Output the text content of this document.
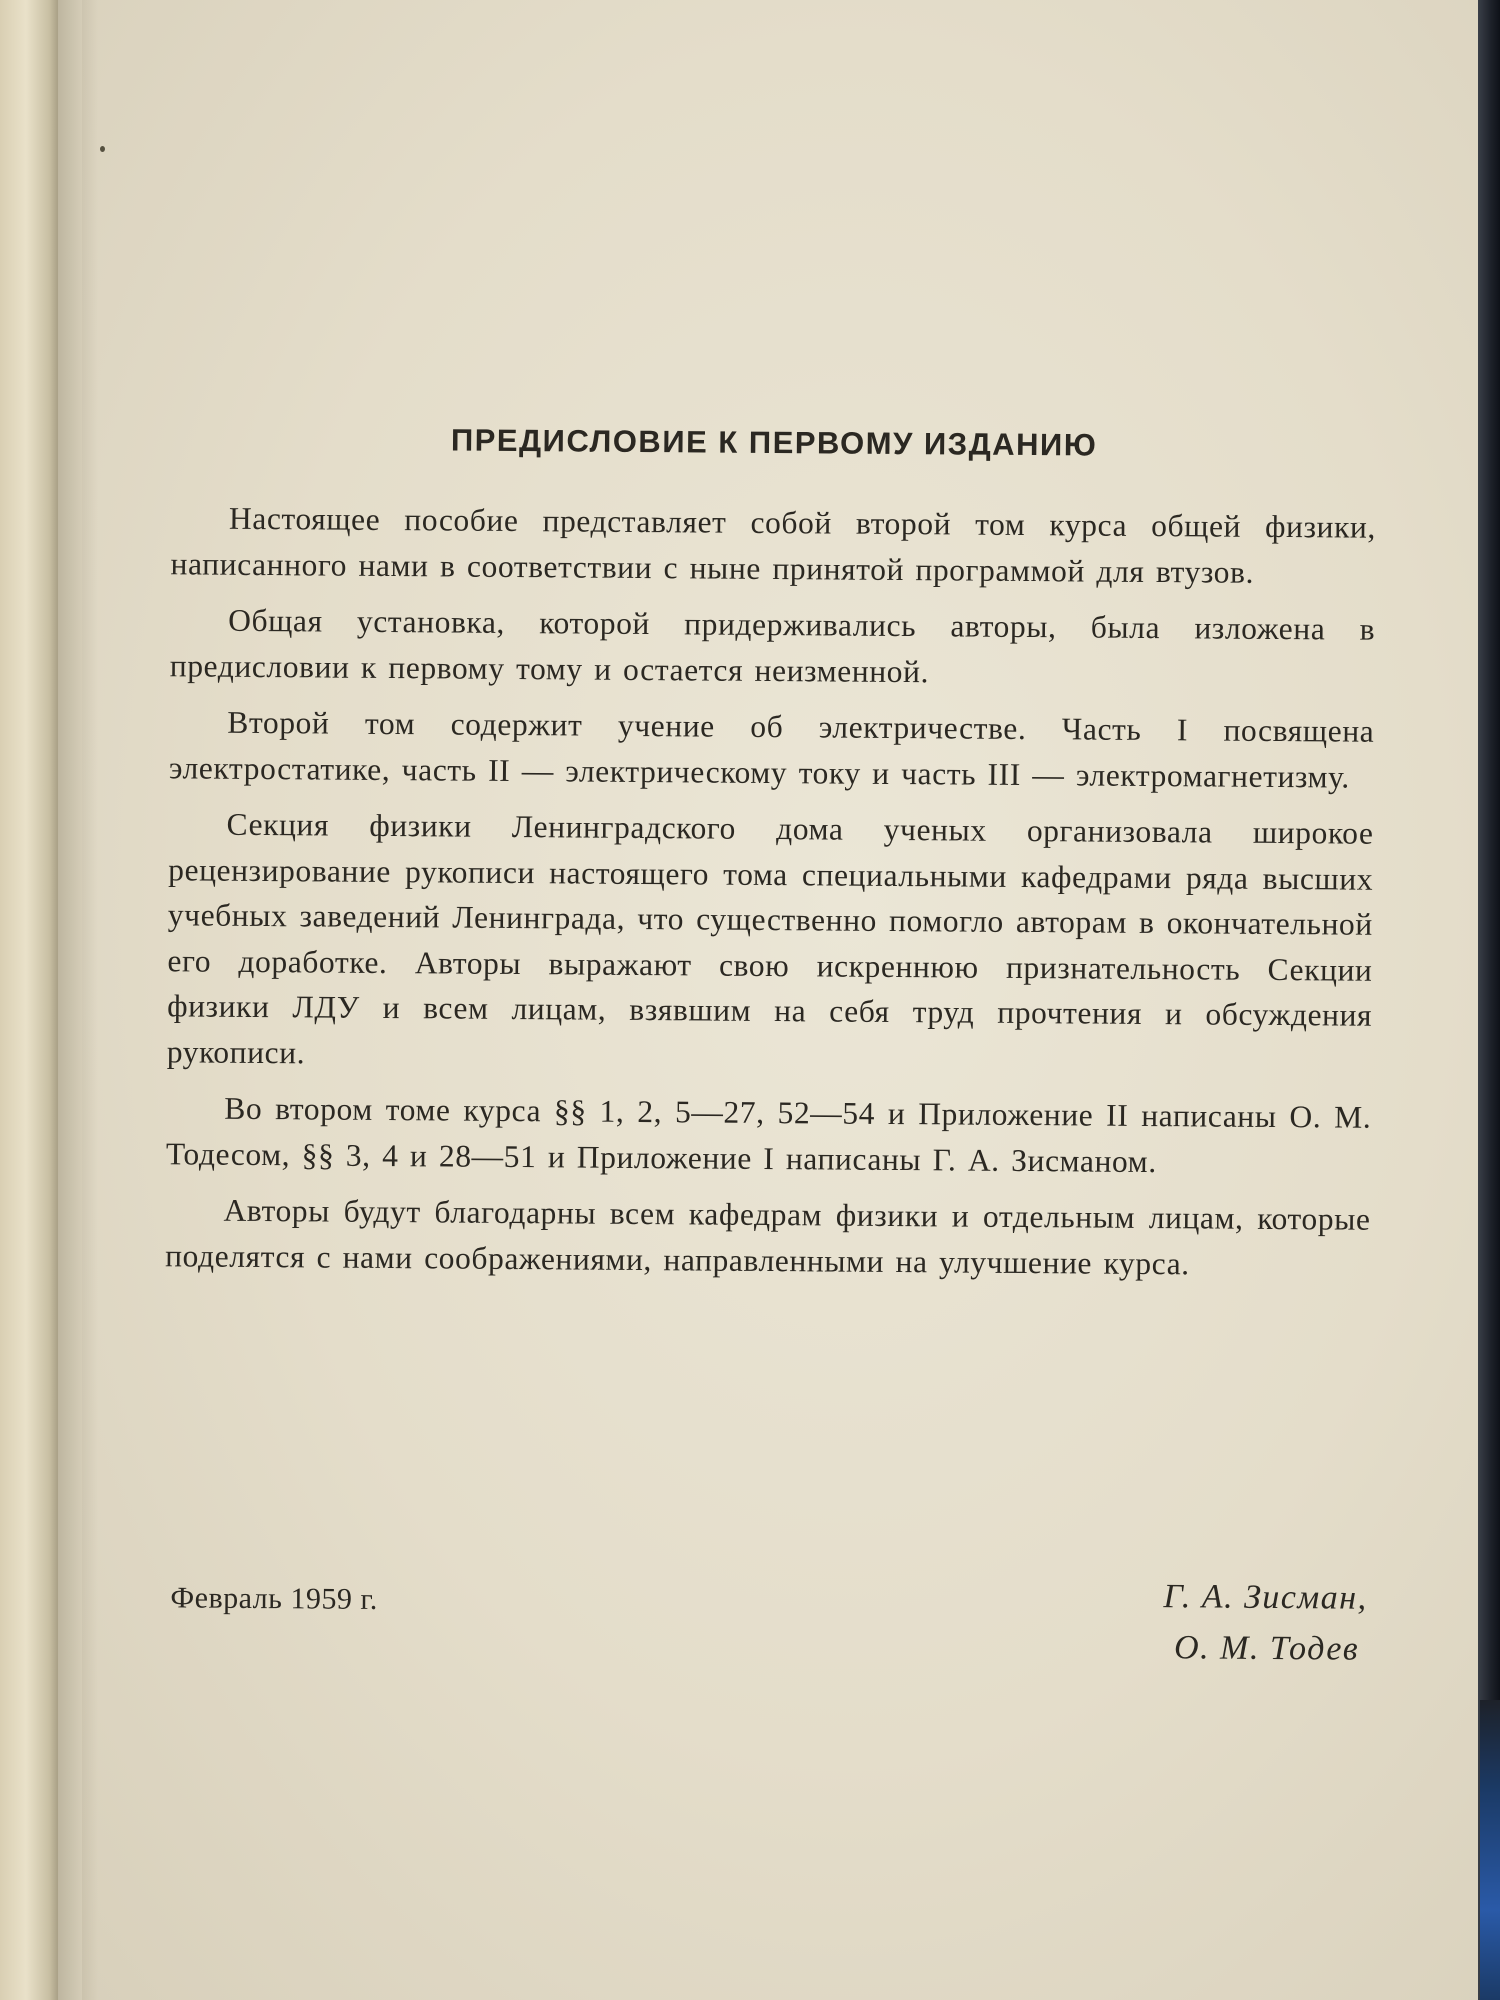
ПРЕДИСЛОВИЕ К ПЕРВОМУ ИЗДАНИЮ

Настоящее пособие представляет собой второй том курса общей физики, написанного нами в соответствии с ныне принятой программой для втузов.

Общая установка, которой придерживались авторы, была изложена в предисловии к первому тому и остается неизменной.

Второй том содержит учение об электричестве. Часть I посвящена электростатике, часть II — электрическому току и часть III — электромагнетизму.

Секция физики Ленинградского дома ученых организовала широкое рецензирование рукописи настоящего тома специальными кафедрами ряда высших учебных заведений Ленинграда, что существенно помогло авторам в окончательной его доработке. Авторы выражают свою искреннюю признательность Секции физики ЛДУ и всем лицам, взявшим на себя труд прочтения и обсуждения рукописи.

Во втором томе курса §§ 1, 2, 5—27, 52—54 и Приложение II написаны О. М. Тодесом, §§ 3, 4 и 28—51 и Приложение I написаны Г. А. Зисманом.

Авторы будут благодарны всем кафедрам физики и отдельным лицам, которые поделятся с нами соображениями, направленными на улучшение курса.

Февраль 1959 г.	Г. А. Зисман,
О. М. Тодев
